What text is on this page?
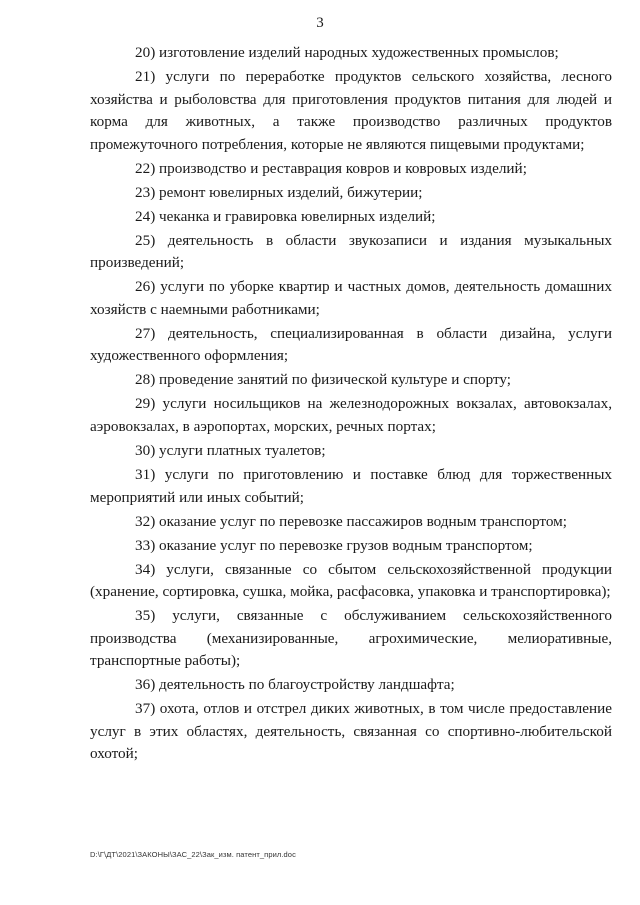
3

20) изготовление изделий народных художественных промыслов;

21) услуги по переработке продуктов сельского хозяйства, лесного хозяйства и рыболовства для приготовления продуктов питания для людей и корма для животных, а также производство различных продуктов промежуточного потребления, которые не являются пищевыми продуктами;

22) производство и реставрация ковров и ковровых изделий;

23) ремонт ювелирных изделий, бижутерии;

24) чеканка и гравировка ювелирных изделий;

25) деятельность в области звукозаписи и издания музыкальных произведений;

26) услуги по уборке квартир и частных домов, деятельность домашних хозяйств с наемными работниками;

27) деятельность, специализированная в области дизайна, услуги художественного оформления;

28) проведение занятий по физической культуре и спорту;

29) услуги носильщиков на железнодорожных вокзалах, автовокзалах, аэровокзалах, в аэропортах, морских, речных портах;

30) услуги платных туалетов;

31) услуги по приготовлению и поставке блюд для торжественных мероприятий или иных событий;

32) оказание услуг по перевозке пассажиров водным транспортом;

33) оказание услуг по перевозке грузов водным транспортом;

34) услуги, связанные со сбытом сельскохозяйственной продукции (хранение, сортировка, сушка, мойка, расфасовка, упаковка и транспортировка);

35) услуги, связанные с обслуживанием сельскохозяйственного производства (механизированные, агрохимические, мелиоративные, транспортные работы);

36) деятельность по благоустройству ландшафта;

37) охота, отлов и отстрел диких животных, в том числе предоставление услуг в этих областях, деятельность, связанная со спортивно-любительской охотой;

D:\Г\ДТ\2021\ЗАКОНЫ\ЗАС_22\Зак_изм. патент_прил.doc
